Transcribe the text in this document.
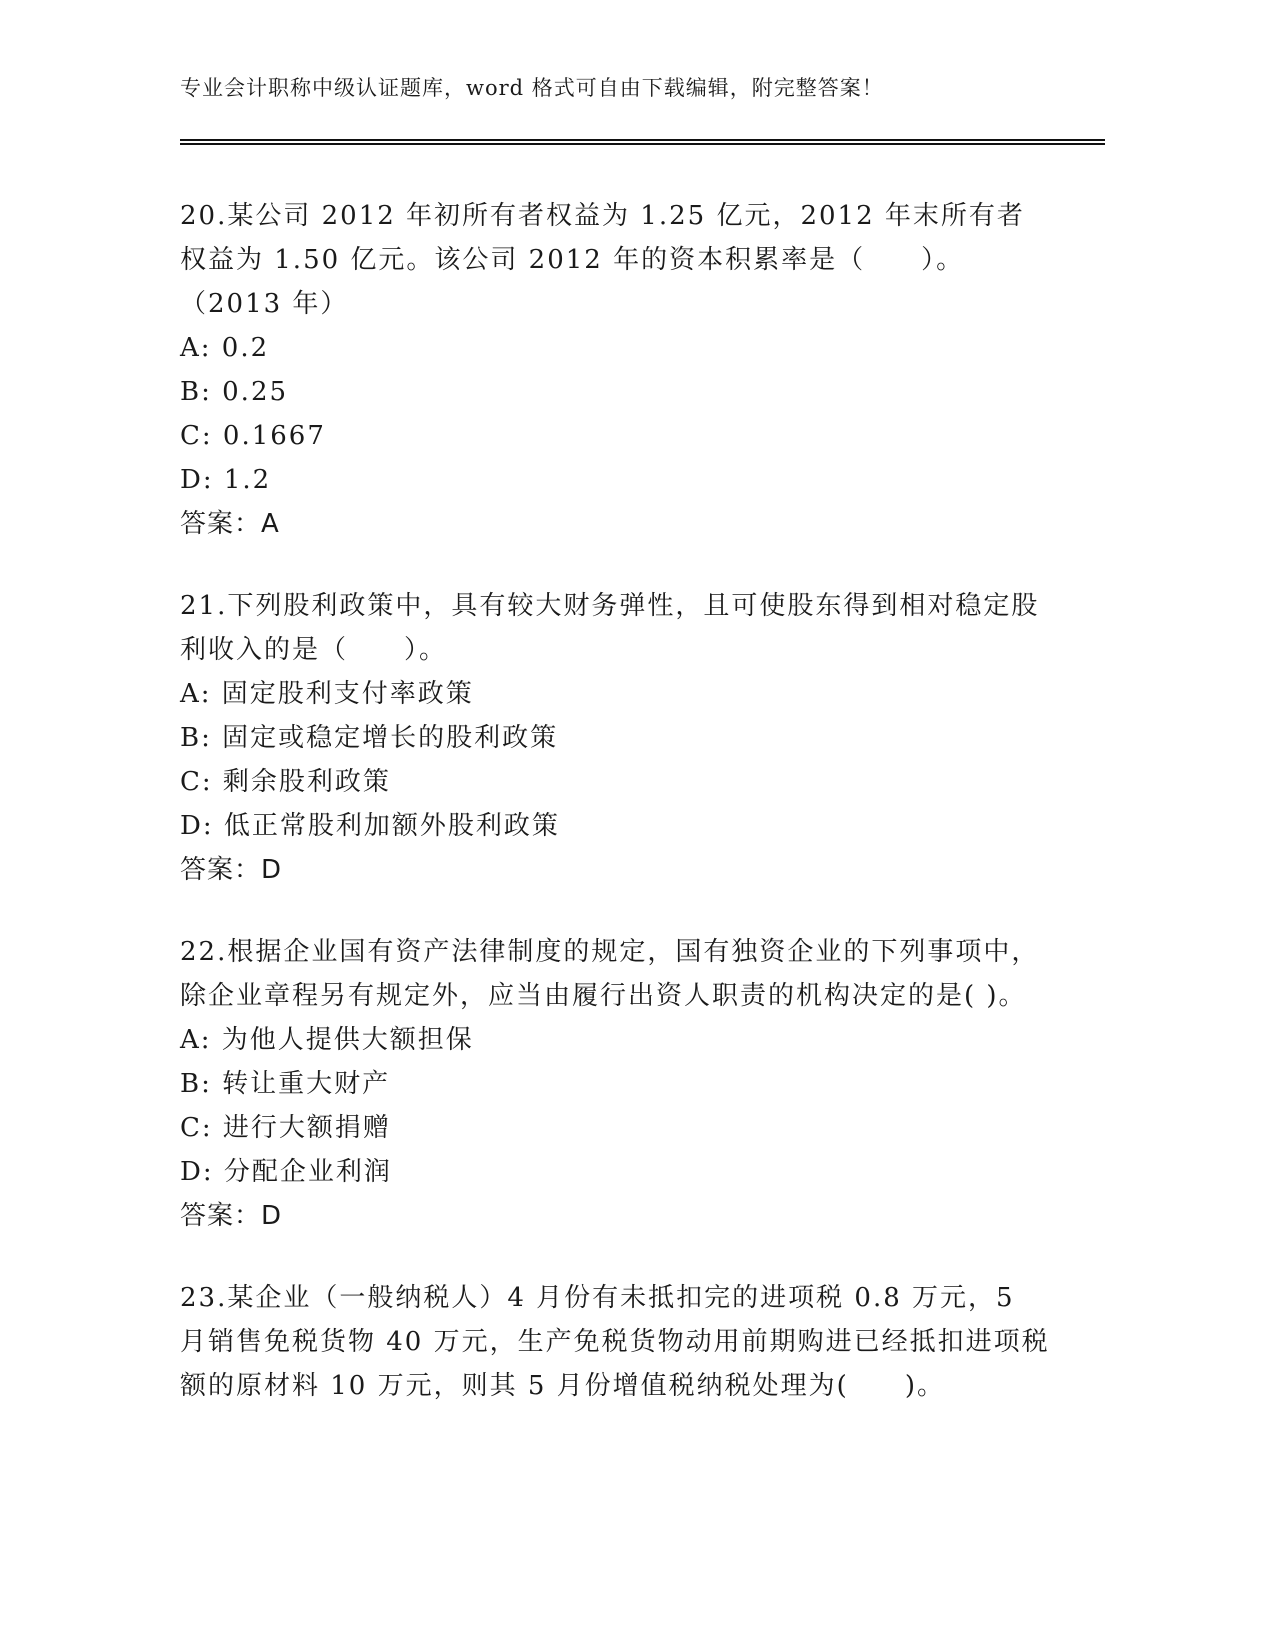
专业会计职称中级认证题库，word 格式可自由下载编辑，附完整答案！
20.某公司 2012 年初所有者权益为 1.25 亿元，2012 年末所有者权益为 1.50 亿元。该公司 2012 年的资本积累率是（　　）。（2013 年）
A: 0.2
B: 0.25
C: 0.1667
D: 1.2
答案：A
21.下列股利政策中，具有较大财务弹性，且可使股东得到相对稳定股利收入的是（　　）。
A: 固定股利支付率政策
B: 固定或稳定增长的股利政策
C: 剩余股利政策
D: 低正常股利加额外股利政策
答案：D
22.根据企业国有资产法律制度的规定，国有独资企业的下列事项中，除企业章程另有规定外，应当由履行出资人职责的机构决定的是( )。
A: 为他人提供大额担保
B: 转让重大财产
C: 进行大额捐赠
D: 分配企业利润
答案：D
23.某企业（一般纳税人）4 月份有未抵扣完的进项税 0.8 万元，5 月销售免税货物 40 万元，生产免税货物动用前期购进已经抵扣进项税额的原材料 10 万元，则其 5 月份增值税纳税处理为(　　)。
